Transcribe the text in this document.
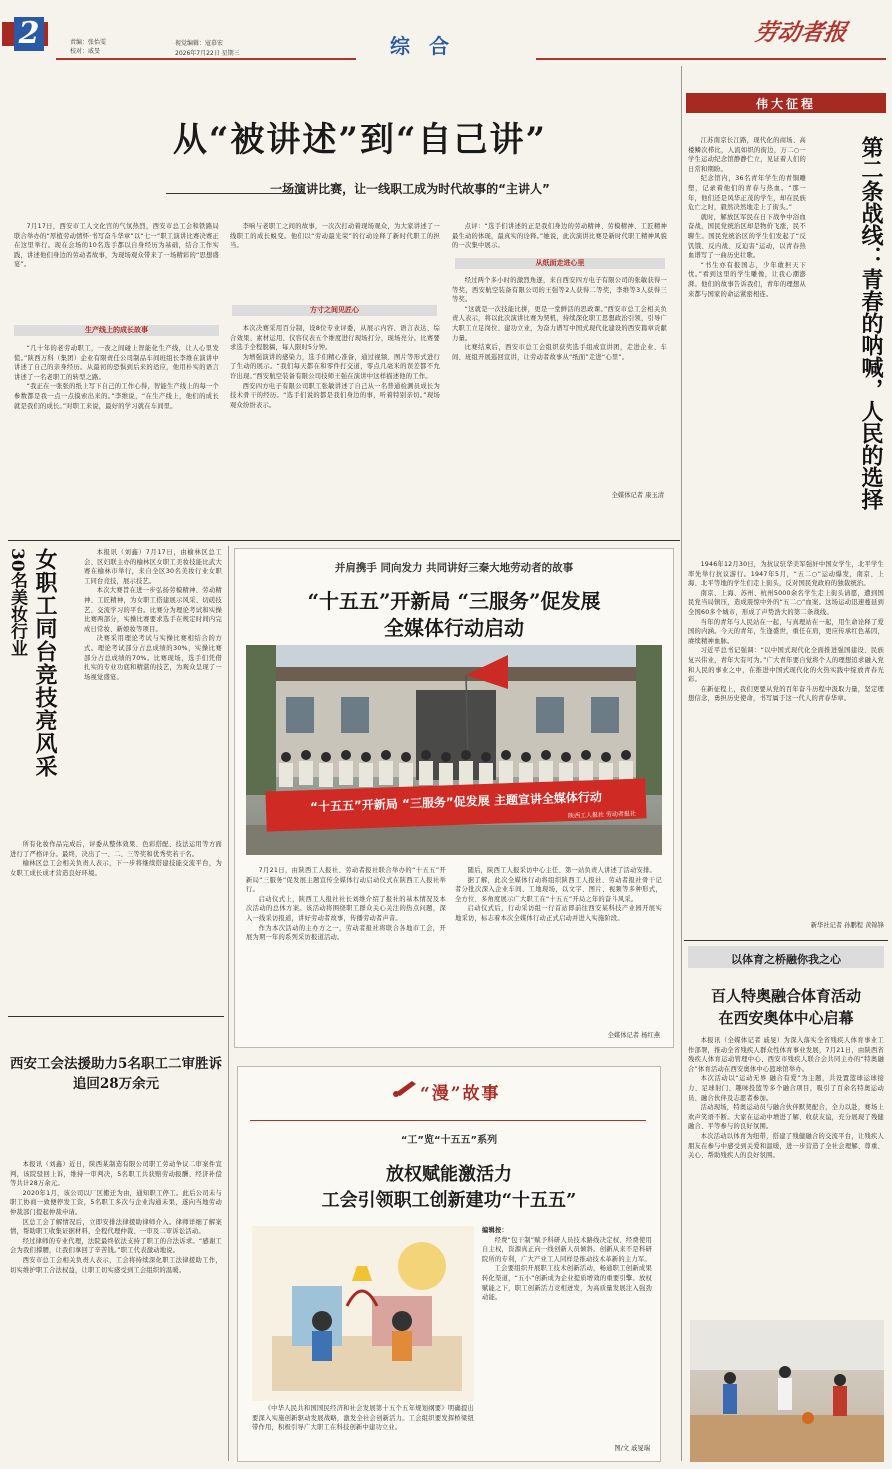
2	责编：张怡雯
校对：戚旻
视觉编辑：寇慕宏
2026年7月22日 星期三	综 合	劳动者报
从“被讲述”到“自己讲”
一场演讲比赛，让一线职工成为时代故事的“主讲人”

7月17日，西安市工人文化宫的气氛热烈，西安市总工会和铁路局联合举办的“厚植劳动情怀·书写奋斗华章”以“七一”职工演讲比赛决赛正在这里举行。现在会场的10名选手都以自身经历为基础，结合工作实践，讲述他们身边的劳动者故事，为现场观众带来了一场精彩的“思想盛宴”。

生产线上的成长故事

“几十年的老劳动职工，一夜之间碰上智能化生产线，让人心里发慌。”陕西万科（集团）企业有限责任公司制品车间班组长李维在演讲中讲述了自己的亲身经历。从最初的恐惧到后来的适应，他用朴实的语言讲述了一名老职工的转型之路。

“我正在一张张的纸上写下自己的工作心得，智能生产线上的每一个参数都是我一点一点摸索出来的。”李维说，“在生产线上，他们的成长就是我们的成长。”对职工来说，最好的学习就在车间里。

李响与老职工之间的故事，一次次打动着现场观众，为大家讲述了一线职工的成长蜕变。他们以“劳动最光荣”的行动诠释了新时代职工的担当。

方寸之间见匠心

本次决赛采用百分制，设8位专业评委，从展示内容、语言表达、综合效果、素材运用、仪容仪表五个维度进行现场打分，现场亮分。比赛要求选手全程脱稿，每人限时5分钟。

为增强演讲的感染力，选手们精心准备，通过视频、图片等形式进行了生动的展示。“我们每天都在和零件打交道，零点几毫米的误差都不允许出现。”西安航空装备有限公司技师王强在演讲中这样描述他的工作。

西安四方电子有限公司职工张敏讲述了自己从一名普通检测员成长为技术骨干的经历。“选手们说的都是我们身边的事，听着特别亲切。”现场观众纷纷表示。

点评：“选手们讲述的正是我们身边的劳动精神、劳模精神、工匠精神最生动的体现，最真实的诠释。”她说，此次演讲比赛是新时代职工精神风貌的一次集中展示。

从纸面走进心里

经过两个多小时的激烈角逐，来自西安四方电子有限公司的张敏获得一等奖，西安航空装备有限公司的王强等2人获得二等奖，李维等3人获得三等奖。

“这就是一次技能比拼，更是一堂鲜活的思政课。”西安市总工会相关负责人表示，将以此次演讲比赛为契机，持续深化职工思想政治引领，引导广大职工立足岗位、建功立业，为奋力谱写中国式现代化建设的西安篇章贡献力量。

比赛结束后，西安市总工会组织获奖选手组成宣讲团，走进企业、车间、班组开展巡回宣讲，让劳动者故事从“纸面”走进“心里”。

全媒体记者 康玉清
女职工同台竞技亮风采
30名美妆行业	本报讯（刘鑫）7月17日，由榆林区总工会、区妇联主办的榆林区女职工美妆技能比武大赛在榆林市举行，来自全区30名美妆行业女职工同台竞技，展示技艺。

本次大赛旨在进一步弘扬劳模精神、劳动精神、工匠精神，为女职工搭建展示风采、切磋技艺、交流学习的平台。比赛分为理论考试和实操比赛两部分，实操比赛要求选手在规定时间内完成日常妆、新娘妆等项目。

决赛采用理论考试与实操比赛相结合的方式。理论考试部分占总成绩的30%，实操比赛部分占总成绩的70%。比赛现场，选手们凭借扎实的专业功底和精湛的技艺，为观众呈现了一场视觉盛宴。

所有化妆作品完成后，评委从整体效果、色彩搭配、技法运用等方面进行了严格评分。最终，决出了一、二、三等奖和优秀奖若干名。

榆林区总工会相关负责人表示，下一步将继续搭建技能交流平台，为女职工成长成才营造良好环境。

并肩携手 同向发力 共同讲好三秦大地劳动者的故事
“十五五”开新局 “三服务”促发展
全媒体行动启动
“十五五”开新局 “三服务”促发展 主题宣讲全媒体行动
陕西工人报社 劳动者报社

7月21日，由陕西工人报社、劳动者报社联合举办的“十五五”开新局“三服务”促发展主题宣传全媒体行动启动仪式在陕西工人报社举行。

启动仪式上，陕西工人报社社长刘维介绍了报社的基本情况及本次活动的总体方案。该活动将围绕职工群众关心关注的热点问题，深入一线采访报道，讲好劳动者故事，传播劳动者声音。

作为本次活动的主办方之一，劳动者报社将联合各地市工会，开展为期一年的系列采访报道活动。

随后，陕西工人报采访中心主任、第一站负责人讲述了活动安排。

据了解，此次全媒体行动将组织陕西工人报社、劳动者报社骨干记者分批次深入企业车间、工地现场，以文字、图片、视频等多种形式，全方位、多角度展示广大职工在“十五五”开局之年的奋斗风采。

启动仪式后，行动采访组一行首站即前往西安某科技产业园开展实地采访，标志着本次全媒体行动正式启动并进入实施阶段。

全媒体记者 杨红燕
伟大征程
第二条战线：青春的呐喊，人民的选择

江苏南京长江路，现代化的商场、高楼鳞次栉比，人流如织的街边，万二○一学生运动纪念馆静静伫立，见证着人们的日常和期盼。

纪念馆内，36名青年学生的青铜雕塑，记录着他们的青春与热血。“那一年，他们还是风华正茂的学生，却在民族危亡之时，毅然决然地走上了街头。”

就时，解放区军民在日下战争中浴血奋战，国民党统治区却是物价飞涨，民不聊生。国民党统治区的学生们发起了“反饥饿、反内战、反迫害”运动，以青春热血谱写了一曲历史壮歌。

“书生亦有报国志，少年敢担天下忧。”看到这里的学生雕像，让我心潮澎湃。他们的故事告诉我们，青年的理想从来都与国家的命运紧密相连。

1946年12月30日，为抗议驻华美军强奸中国女学生，北平学生率先举行抗议游行。1947年5月，“五二○”运动爆发，南京、上海、北平等地的学生们走上街头，反对国民党政府的独裁统治。

南京、上海、苏州、杭州5000余名学生走上街头请愿，遭到国民党当局镇压，造成震惊中外的“五二○”血案。这场运动迅速蔓延到全国60多个城市，形成了声势浩大的第二条战线。

当年的青年与人民站在一起，与真理站在一起，用生命诠释了爱国的内涵。今天的青年，生逢盛世，重任在肩，更应传承红色基因，赓续精神血脉。

习近平总书记强调：“以中国式现代化全面推进强国建设、民族复兴伟业，青年大有可为。”广大青年要自觉将个人的理想追求融入党和人民的事业之中，在推进中国式现代化的火热实践中绽放青春光彩。

在新征程上，我们更要从党的百年奋斗历程中汲取力量，坚定理想信念，勇担历史使命，书写属于这一代人的青春华章。

新华社记者 孙鹏程 黄锦锋
以体育之桥融你我之心
百人特奥融合体育活动
在西安奥体中心启幕

本报讯（全媒体记者 戚旻）为深入落实全省残疾人体育事业工作部署，推动全省残疾人群众性体育事业发展，7月21日，由陕西省残疾人体育运动管理中心、西安市残疾人联合会共同主办的“特奥融合”体育活动在西安奥体中心篮球馆举办。

本次活动以“运动无界 融合有爱”为主题，共设置篮球运球接力、足球射门、趣味投篮等多个融合项目，吸引了百余名特奥运动员、融合伙伴及志愿者参加。

活动现场，特奥运动员与融合伙伴默契配合，全力以赴，赛场上欢声笑语不断。大家在运动中增进了解、收获友谊，充分展现了残健融合、平等参与的良好氛围。

本次活动以体育为纽带，搭建了残健融合的交流平台，让残疾人朋友在参与中感受到关爱和温暖，进一步营造了全社会理解、尊重、关心、帮助残疾人的良好氛围。

西安工会法援助力5名职工二审胜诉
追回28万余元

本报讯（刘鑫）近日，陕西某制造有限公司职工劳动争议二审案件宣判，该院驳回上诉，维持一审判决，5名职工共获赔劳动报酬、经济补偿等共计28万余元。

2020年1月，该公司以厂区搬迁为由，通知职工停工。此后公司未与职工协商一致便停发工资，5名职工多次与企业沟通未果，遂向当地劳动仲裁部门提起仲裁申请。

区总工会了解情况后，立即安排法律援助律师介入。律师详细了解案情，帮助职工收集证据材料，全程代理仲裁、一审及二审诉讼活动。

经过律师的专业代理，法院最终依法支持了职工的合法诉求。“感谢工会为我们撑腰，让我们拿回了辛苦钱。”职工代表激动地说。

西安市总工会相关负责人表示，工会将持续深化职工法律援助工作，切实维护职工合法权益，让职工切实感受到工会组织的温暖。

“漫”故事
“工”览“十五五”系列
放权赋能激活力
工会引领职工创新建功“十五五”

《中华人民共和国国民经济和社会发展第十五个五年规划纲要》明确提出要深入实施创新驱动发展战略，激发全社会创新活力。工会组织要发挥桥梁纽带作用，积极引导广大职工在科技创新中建功立业。

编辑按：

经费“包干制”赋予科研人员技术路线决定权、经费使用自主权，资源真正向一线创新人员倾斜。创新从来不是科研院所的专利，广大产业工人同样是推动技术革新的主力军。

工会要组织开展职工技术创新活动，畅通职工创新成果转化渠道，“五小”创新成为企业提质增效的重要引擎。放权赋能之下，职工创新活力竞相迸发，为高质量发展注入强劲动能。

图/文 戚旻瑞
